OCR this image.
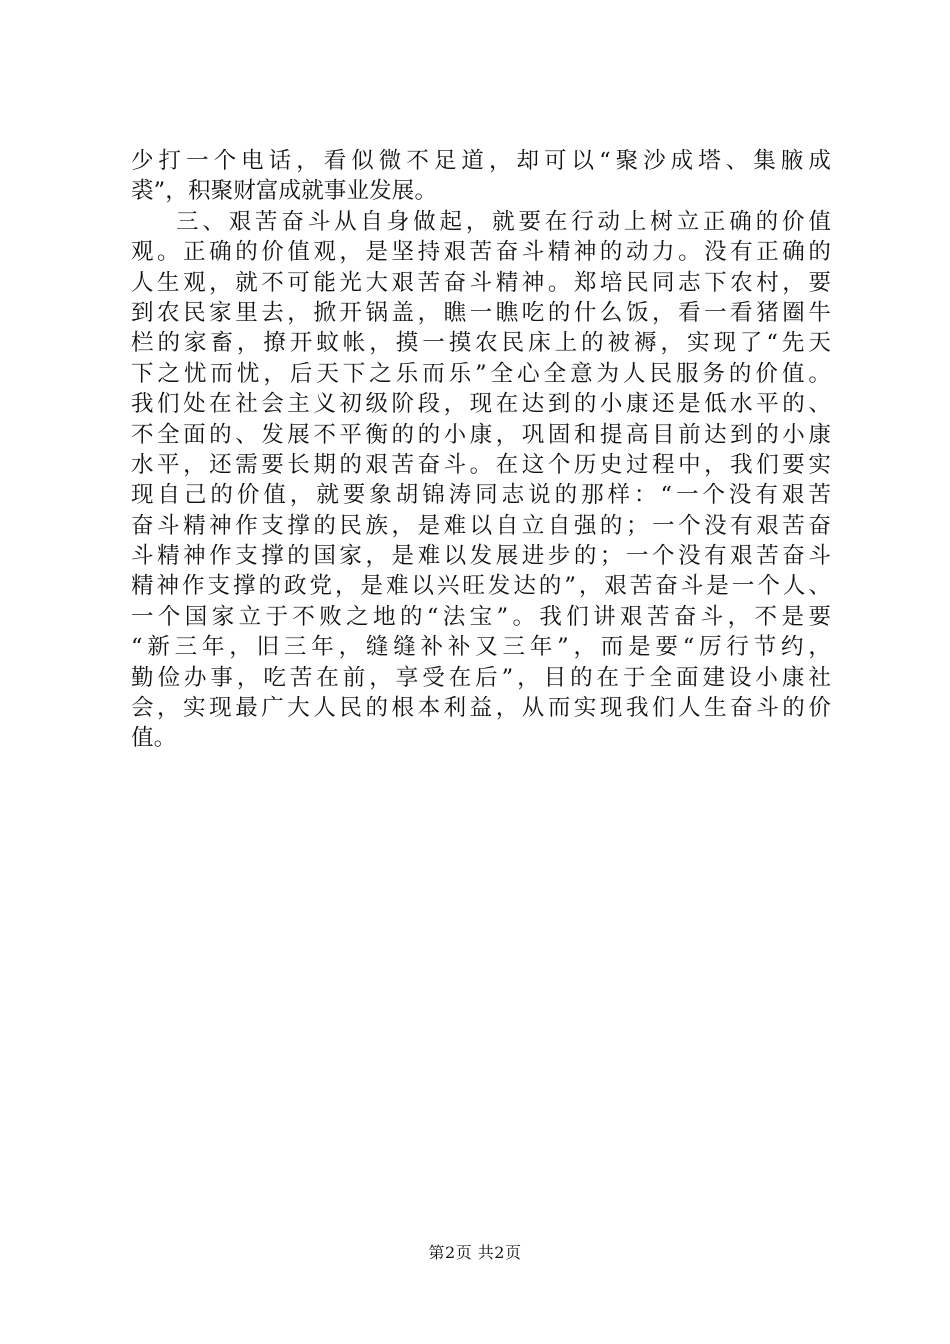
少打一个电话，看似微不足道，却可以“聚沙成塔、集腋成
裘”，积聚财富成就事业发展。
三、艰苦奋斗从自身做起，就要在行动上树立正确的价值
观。正确的价值观，是坚持艰苦奋斗精神的动力。没有正确的
人生观，就不可能光大艰苦奋斗精神。郑培民同志下农村，要
到农民家里去，掀开锅盖，瞧一瞧吃的什么饭，看一看猪圈牛
栏的家畜，撩开蚊帐，摸一摸农民床上的被褥，实现了“先天
下之忧而忧，后天下之乐而乐”全心全意为人民服务的价值。
我们处在社会主义初级阶段，现在达到的小康还是低水平的、
不全面的、发展不平衡的的小康，巩固和提高目前达到的小康
水平，还需要长期的艰苦奋斗。在这个历史过程中，我们要实
现自己的价值，就要象胡锦涛同志说的那样：“一个没有艰苦
奋斗精神作支撑的民族，是难以自立自强的；一个没有艰苦奋
斗精神作支撑的国家，是难以发展进步的；一个没有艰苦奋斗
精神作支撑的政党，是难以兴旺发达的”，艰苦奋斗是一个人、
一个国家立于不败之地的“法宝”。我们讲艰苦奋斗，不是要
“新三年，旧三年，缝缝补补又三年”，而是要“厉行节约，
勤俭办事，吃苦在前，享受在后”，目的在于全面建设小康社
会，实现最广大人民的根本利益，从而实现我们人生奋斗的价
值。
第2页 共2页
